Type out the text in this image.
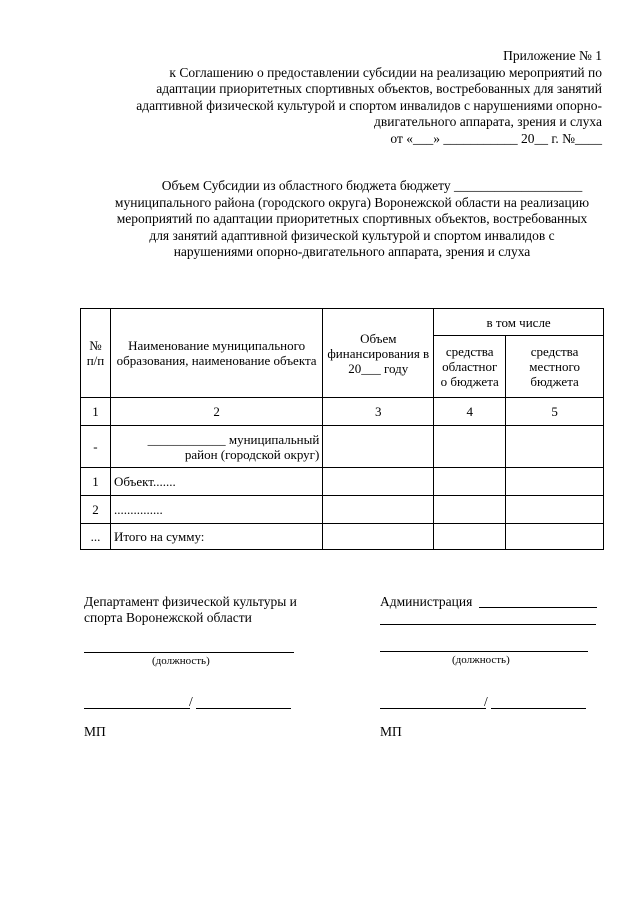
Приложение № 1
к Соглашению о предоставлении субсидии на реализацию мероприятий по
адаптации приоритетных спортивных объектов, востребованных для занятий
адаптивной физической культурой и спортом инвалидов с нарушениями опорно-
двигательного аппарата, зрения и слуха
от «___» ___________ 20__ г. №____
Объем Субсидии из областного бюджета бюджету ___________________
муниципального района (городского округа) Воронежской области на реализацию
мероприятий по адаптации приоритетных спортивных объектов, востребованных
для занятий адаптивной физической культурой и спортом инвалидов с
нарушениями опорно-двигательного аппарата, зрения и слуха
№ п/п	Наименование муниципального образования, наименование объекта	Объем финансирования в 20___ году	в том числе	
			средства областног о бюджета	средства местного бюджета
1	2	3	4	5
-	____________ муниципальный район (городской округ)			
1	Объект.......			
2	...............			
...	Итого на сумму:			
Департамент физической культуры и
спорта Воронежской области
(должность)
/
МП
Администрация
(должность)
/
МП
